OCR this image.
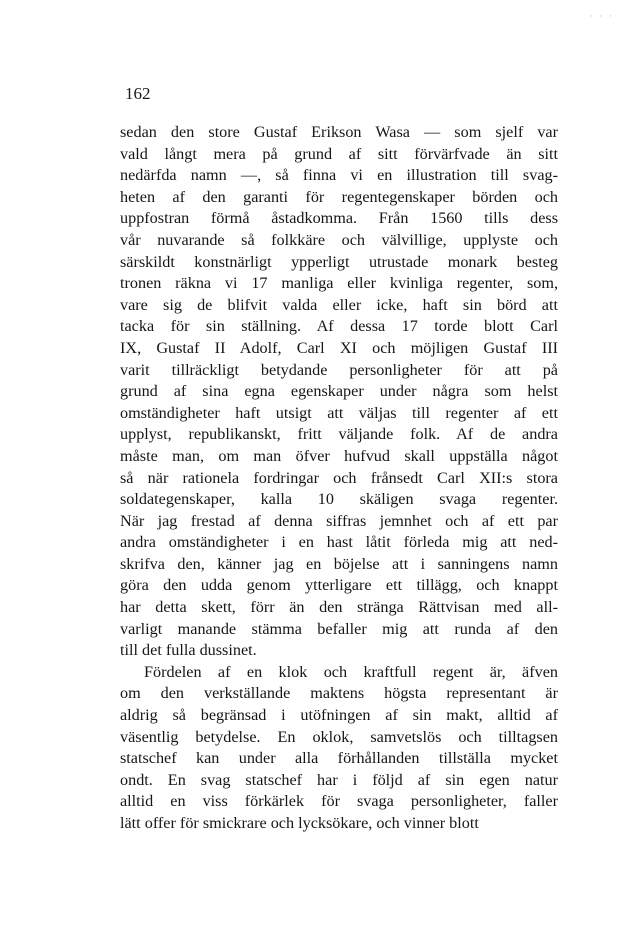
· · ·

162

sedan den store Gustaf Erikson Wasa — som sjelf var
vald långt mera på grund af sitt förvärfvade än sitt
nedärfda namn —, så finna vi en illustration till svag-
heten af den garanti för regentegenskaper börden och
uppfostran förmå åstadkomma. Från 1560 tills dess
vår nuvarande så folkkäre och välvillige, upplyste och
särskildt konstnärligt ypperligt utrustade monark besteg
tronen räkna vi 17 manliga eller kvinliga regenter, som,
vare sig de blifvit valda eller icke, haft sin börd att
tacka för sin ställning. Af dessa 17 torde blott Carl
IX, Gustaf II Adolf, Carl XI och möjligen Gustaf III
varit tillräckligt betydande personligheter för att på
grund af sina egna egenskaper under några som helst
omständigheter haft utsigt att väljas till regenter af ett
upplyst, republikanskt, fritt väljande folk. Af de andra
måste man, om man öfver hufvud skall uppställa något
så när rationela fordringar och frånsedt Carl XII:s stora
soldategenskaper, kalla 10 skäligen svaga regenter.
När jag frestad af denna siffras jemnhet och af ett par
andra omständigheter i en hast låtit förleda mig att ned-
skrifva den, känner jag en böjelse att i sanningens namn
göra den udda genom ytterligare ett tillägg, och knappt
har detta skett, förr än den stränga Rättvisan med all-
varligt manande stämma befaller mig att runda af den
till det fulla dussinet.
Fördelen af en klok och kraftfull regent är, äfven
om den verkställande maktens högsta representant är
aldrig så begränsad i utöfningen af sin makt, alltid af
väsentlig betydelse. En oklok, samvetslös och tilltagsen
statschef kan under alla förhållanden tillställa mycket
ondt. En svag statschef har i följd af sin egen natur
alltid en viss förkärlek för svaga personligheter, faller
lätt offer för smickrare och lycksökare, och vinner blott
